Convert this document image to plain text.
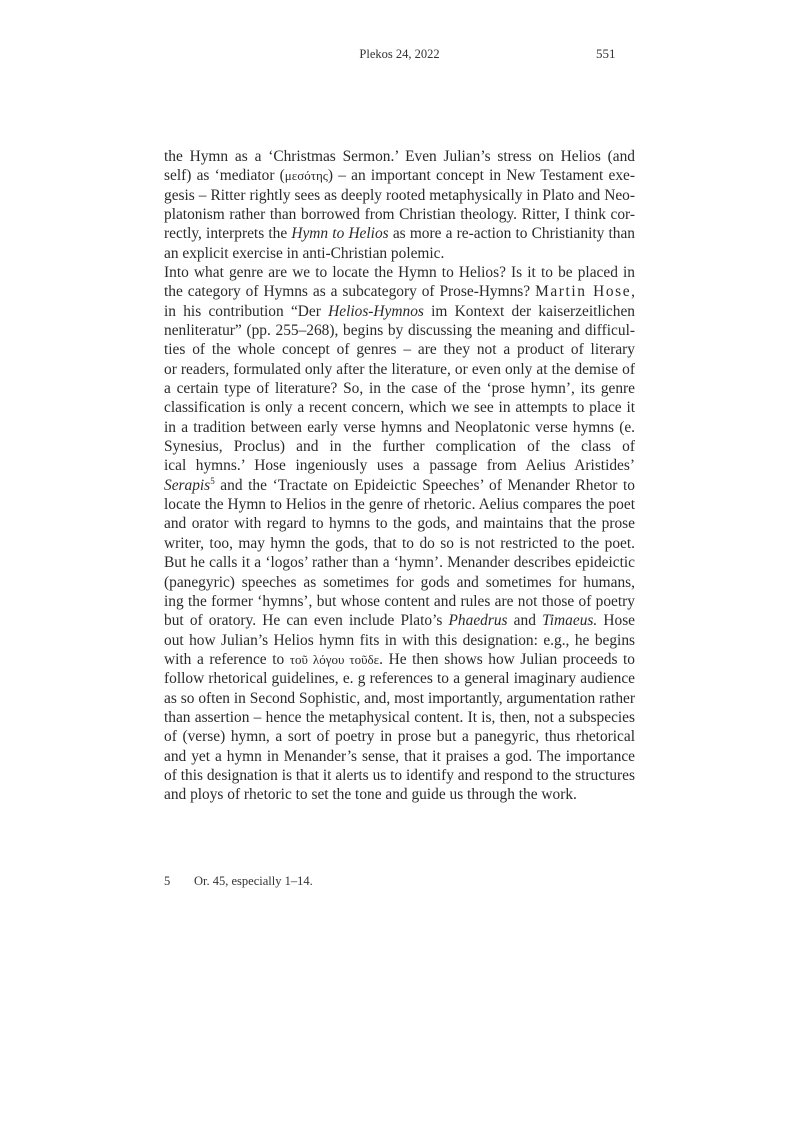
Plekos 24, 2022	551
the Hymn as a ‘Christmas Sermon.’ Even Julian’s stress on Helios (and
self) as ‘mediator (μεσότης) – an important concept in New Testament exe-
gesis – Ritter rightly sees as deeply rooted metaphysically in Plato and Neo-
platonism rather than borrowed from Christian theology. Ritter, I think cor-
rectly, interprets the Hymn to Helios as more a re-action to Christianity than
an explicit exercise in anti-Christian polemic.
Into what genre are we to locate the Hymn to Helios? Is it to be placed in
the category of Hymns as a subcategory of Prose-Hymns? Martin Hose,
in his contribution “Der Helios-Hymnos im Kontext der kaiserzeitlichen
nenliteratur” (pp. 255–268), begins by discussing the meaning and difficul-
ties of the whole concept of genres – are they not a product of literary
or readers, formulated only after the literature, or even only at the demise of
a certain type of literature? So, in the case of the ‘prose hymn’, its genre
classification is only a recent concern, which we see in attempts to place it
in a tradition between early verse hymns and Neoplatonic verse hymns (e.
Synesius, Proclus) and in the further complication of the class of
ical hymns.’ Hose ingeniously uses a passage from Aelius Aristides’
Serapis$^5$ and the ‘Tractate on Epideictic Speeches’ of Menander Rhetor to
locate the Hymn to Helios in the genre of rhetoric. Aelius compares the poet
and orator with regard to hymns to the gods, and maintains that the prose
writer, too, may hymn the gods, that to do so is not restricted to the poet.
But he calls it a ‘logos’ rather than a ‘hymn’. Menander describes epideictic
(panegyric) speeches as sometimes for gods and sometimes for humans,
ing the former ‘hymns’, but whose content and rules are not those of poetry
but of oratory. He can even include Plato’s Phaedrus and Timaeus. Hose
out how Julian’s Helios hymn fits in with this designation: e.g., he begins
with a reference to τοῦ λόγου τοῦδε. He then shows how Julian proceeds to
follow rhetorical guidelines, e. g references to a general imaginary audience
as so often in Second Sophistic, and, most importantly, argumentation rather
than assertion – hence the metaphysical content. It is, then, not a subspecies
of (verse) hymn, a sort of poetry in prose but a panegyric, thus rhetorical
and yet a hymn in Menander’s sense, that it praises a god. The importance
of this designation is that it alerts us to identify and respond to the structures
and ploys of rhetoric to set the tone and guide us through the work.
5 Or. 45, especially 1–14.
